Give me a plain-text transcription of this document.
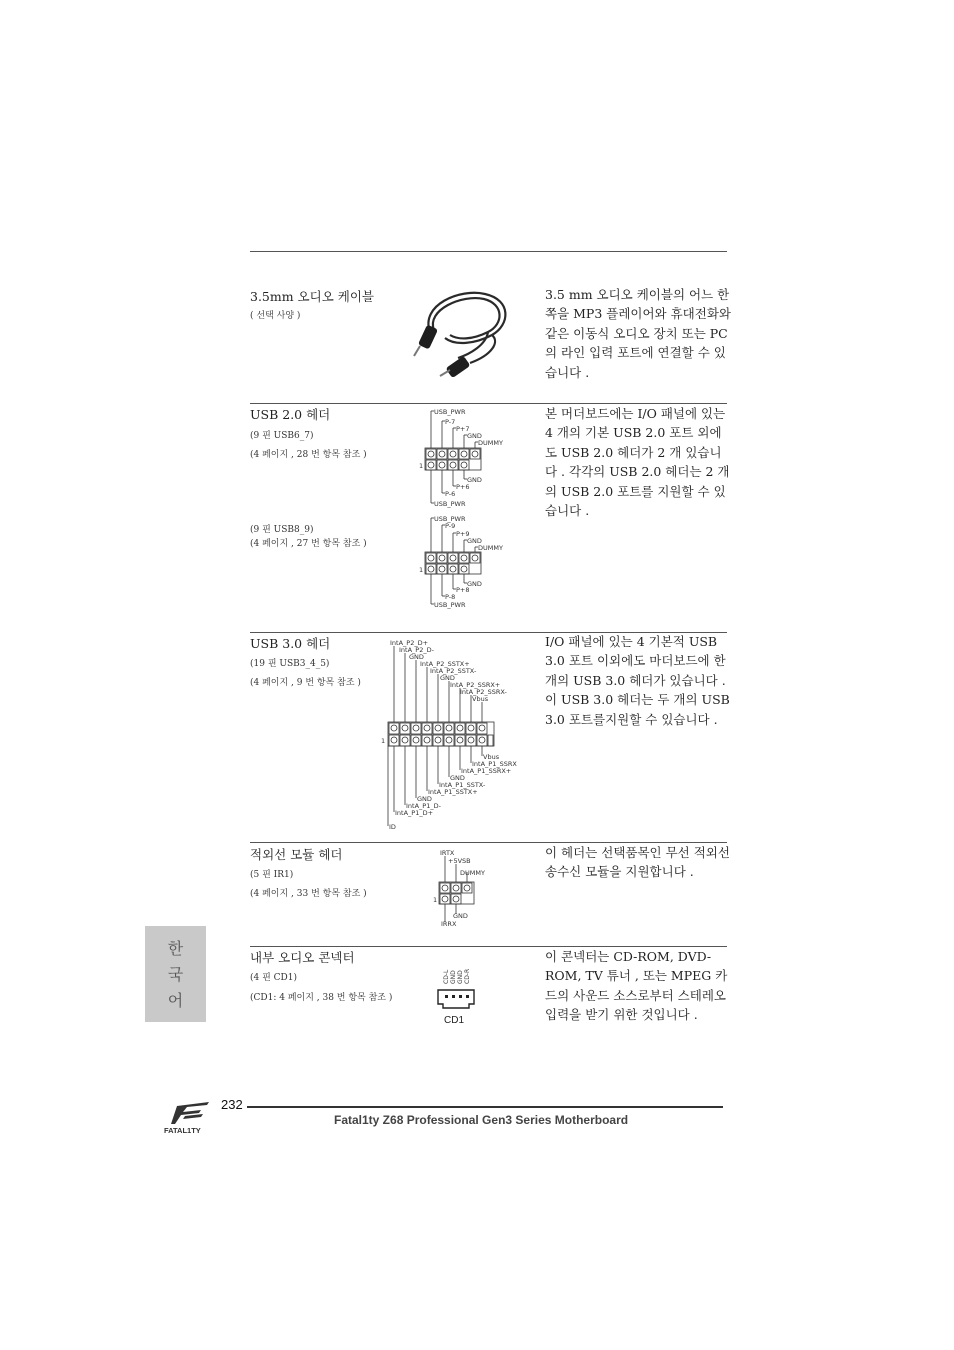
3.5mm 오디오 케이블
( 선택 사양 )
3.5 mm 오디오 케이블의 어느 한 쪽을 MP3 플레이어와 휴대전화와 같은 이동식 오디오 장치 또는 PC 의 라인 입력 포트에 연결할 수 있습니다 .
USB 2.0 헤더
(9 핀 USB6_7)
(4 페이지 , 28 번 항목 참조 )
(9 핀 USB8_9)
(4 페이지 , 27 번 항목 참조 )
본 머더보드에는 I/O 패널에 있는 4 개의 기본 USB 2.0 포트 외에도 USB 2.0 헤더가 2 개 있습니다 . 각각의 USB 2.0 헤더는 2 개의 USB 2.0 포트를 지원할 수 있습니다 .
USB_PWR
P-7
P+7
GND
DUMMY
GND
P+6
P-6
USB_PWR
1
USB_PWR
P-9
P+9
GND
DUMMY
GND
P+8
P-8
USB_PWR
1
USB 3.0 헤더
(19 핀 USB3_4_5)
(4 페이지 , 9 번 항목 참조 )
I/O 패널에 있는 4 기본적 USB 3.0 포트 이외에도 마더보드에 한 개의 USB 3.0 헤더가 있습니다 . 이 USB 3.0 헤더는 두 개의 USB 3.0 포트를지원할 수 있습니다 .
IntA_P2_D+
IntA_P2_D-
GND
IntA_P2_SSTX+
IntA_P2_SSTX-
GND
IntA_P2_SSRX+
IntA_P2_SSRX-
Vbus
Vbus
IntA_P1_SSRX
IntA_P1_SSRX+
GND
IntA_P1_SSTX-
IntA_P1_SSTX+
GND
IntA_P1_D-
IntA_P1_D+
ID
1
적외선 모듈 헤더
(5 핀 IR1)
(4 페이지 , 33 번 항목 참조 )
이 헤더는 선택품목인 무선 적외선 송수신 모듈을 지원합니다 .
IRTX
+5VSB
DUMMY
GND
IRRX
1
내부 오디오 콘넥터
(4 핀 CD1)
(CD1: 4 페이지 , 38 번 항목 참조 )
이 콘넥터는 CD-ROM, DVD-ROM, TV 튜너 , 또는 MPEG 카드의 사운드 소스로부터 스테레오 입력을 받기 위한 것입니다 .
CD-L GND GND CD-R
CD1
한
국
어
FATAL1TY
232
Fatal1ty Z68 Professional Gen3 Series Motherboard
